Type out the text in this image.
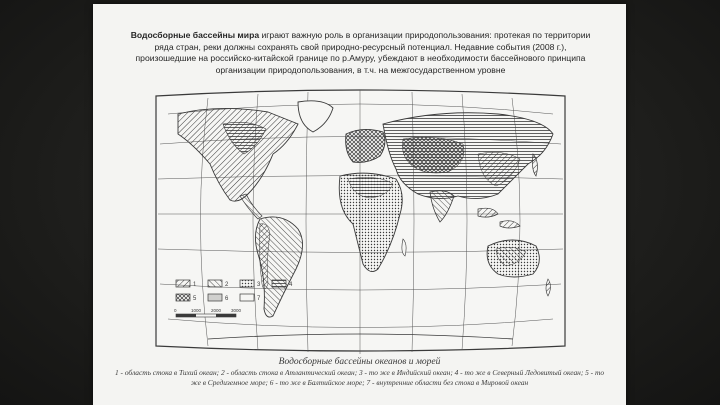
Водосборные бассейны мира играют важную роль в организации природопользования: протекая по территории ряда стран, реки должны сохранять свой природно-ресурсный потенциал. Недавние события (2008 г.), произошедшие на российско-китайской границе по р.Амуру, убеждают в необходимости бассейнового принципа организации природопользования, в т.ч. на межгосударственном уровне
1	2	3	4
5	6	7
0	1000 2000 3000
Водосборные бассейны океанов и морей
1 - область стока в Тихий океан; 2 - область стока в Атлантический океан; 3 - то же в Индийский океан; 4 - то же в Северный Ледовитый океан; 5 - то же в Средиземное море; 6 - то же в Балтийское море; 7 - внутренние области без стока в Мировой океан
